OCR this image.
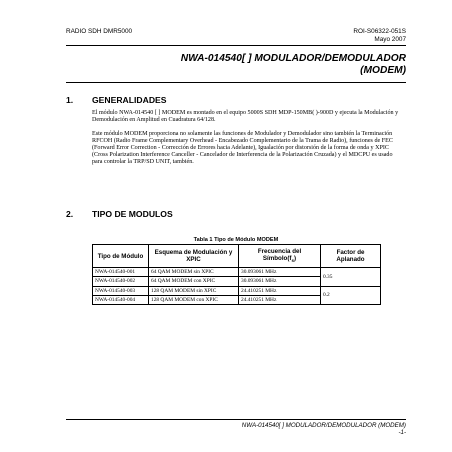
RADIO SDH DMR5000	ROI-S06322-051S
Mayo 2007
NWA-014540[ ] MODULADOR/DEMODULADOR
(MODEM)
1. GENERALIDADES
El módulo NWA-014540 [ ] MODEM es montado en el equipo 5000S SDH MDP-150MB( )-900D y ejecuta la Modulación y Demodulación en Amplitud en Cuadratura 64/128.
Este módulo MODEM proporciona no solamente las funciones de Modulador y Demodulador sino también la Terminación RFCOH (Radio Frame Complementary Overhead - Encabezado Complementario de la Trama de Radio), funciones de FEC (Forward Error Correction - Corrección de Errores hacia Adelante), Igualación por distorsión de la forma de onda y XPIC (Cross Polarization Interference Canceller - Cancelador de Interferencia de la Polarización Cruzada) y el MDCPU es usado para controlar la TRP/SD UNIT, también.
2. TIPO DE MODULOS
Tabla 1 Tipo de Módulo MODEM
Tipo de Módulo	Esquema de Modulación y XPIC	Frecuencia del $Símbolo(f_s)$	Factor de Aplanado
NWA-014540-001	64 QAM MODEM sin XPIC	30.093061 MHz	0.35
NWA-014540-002	64 QAM MODEM con XPIC	30.093061 MHz	
NWA-014540-003	128 QAM MODEM sin XPIC	24.410251 MHz	0.2
NWA-014540-004	128 QAM MODEM con XPIC	24.410251 MHz	
NWA-014540[ ] MODULADOR/DEMODULADOR (MODEM)
-1-
